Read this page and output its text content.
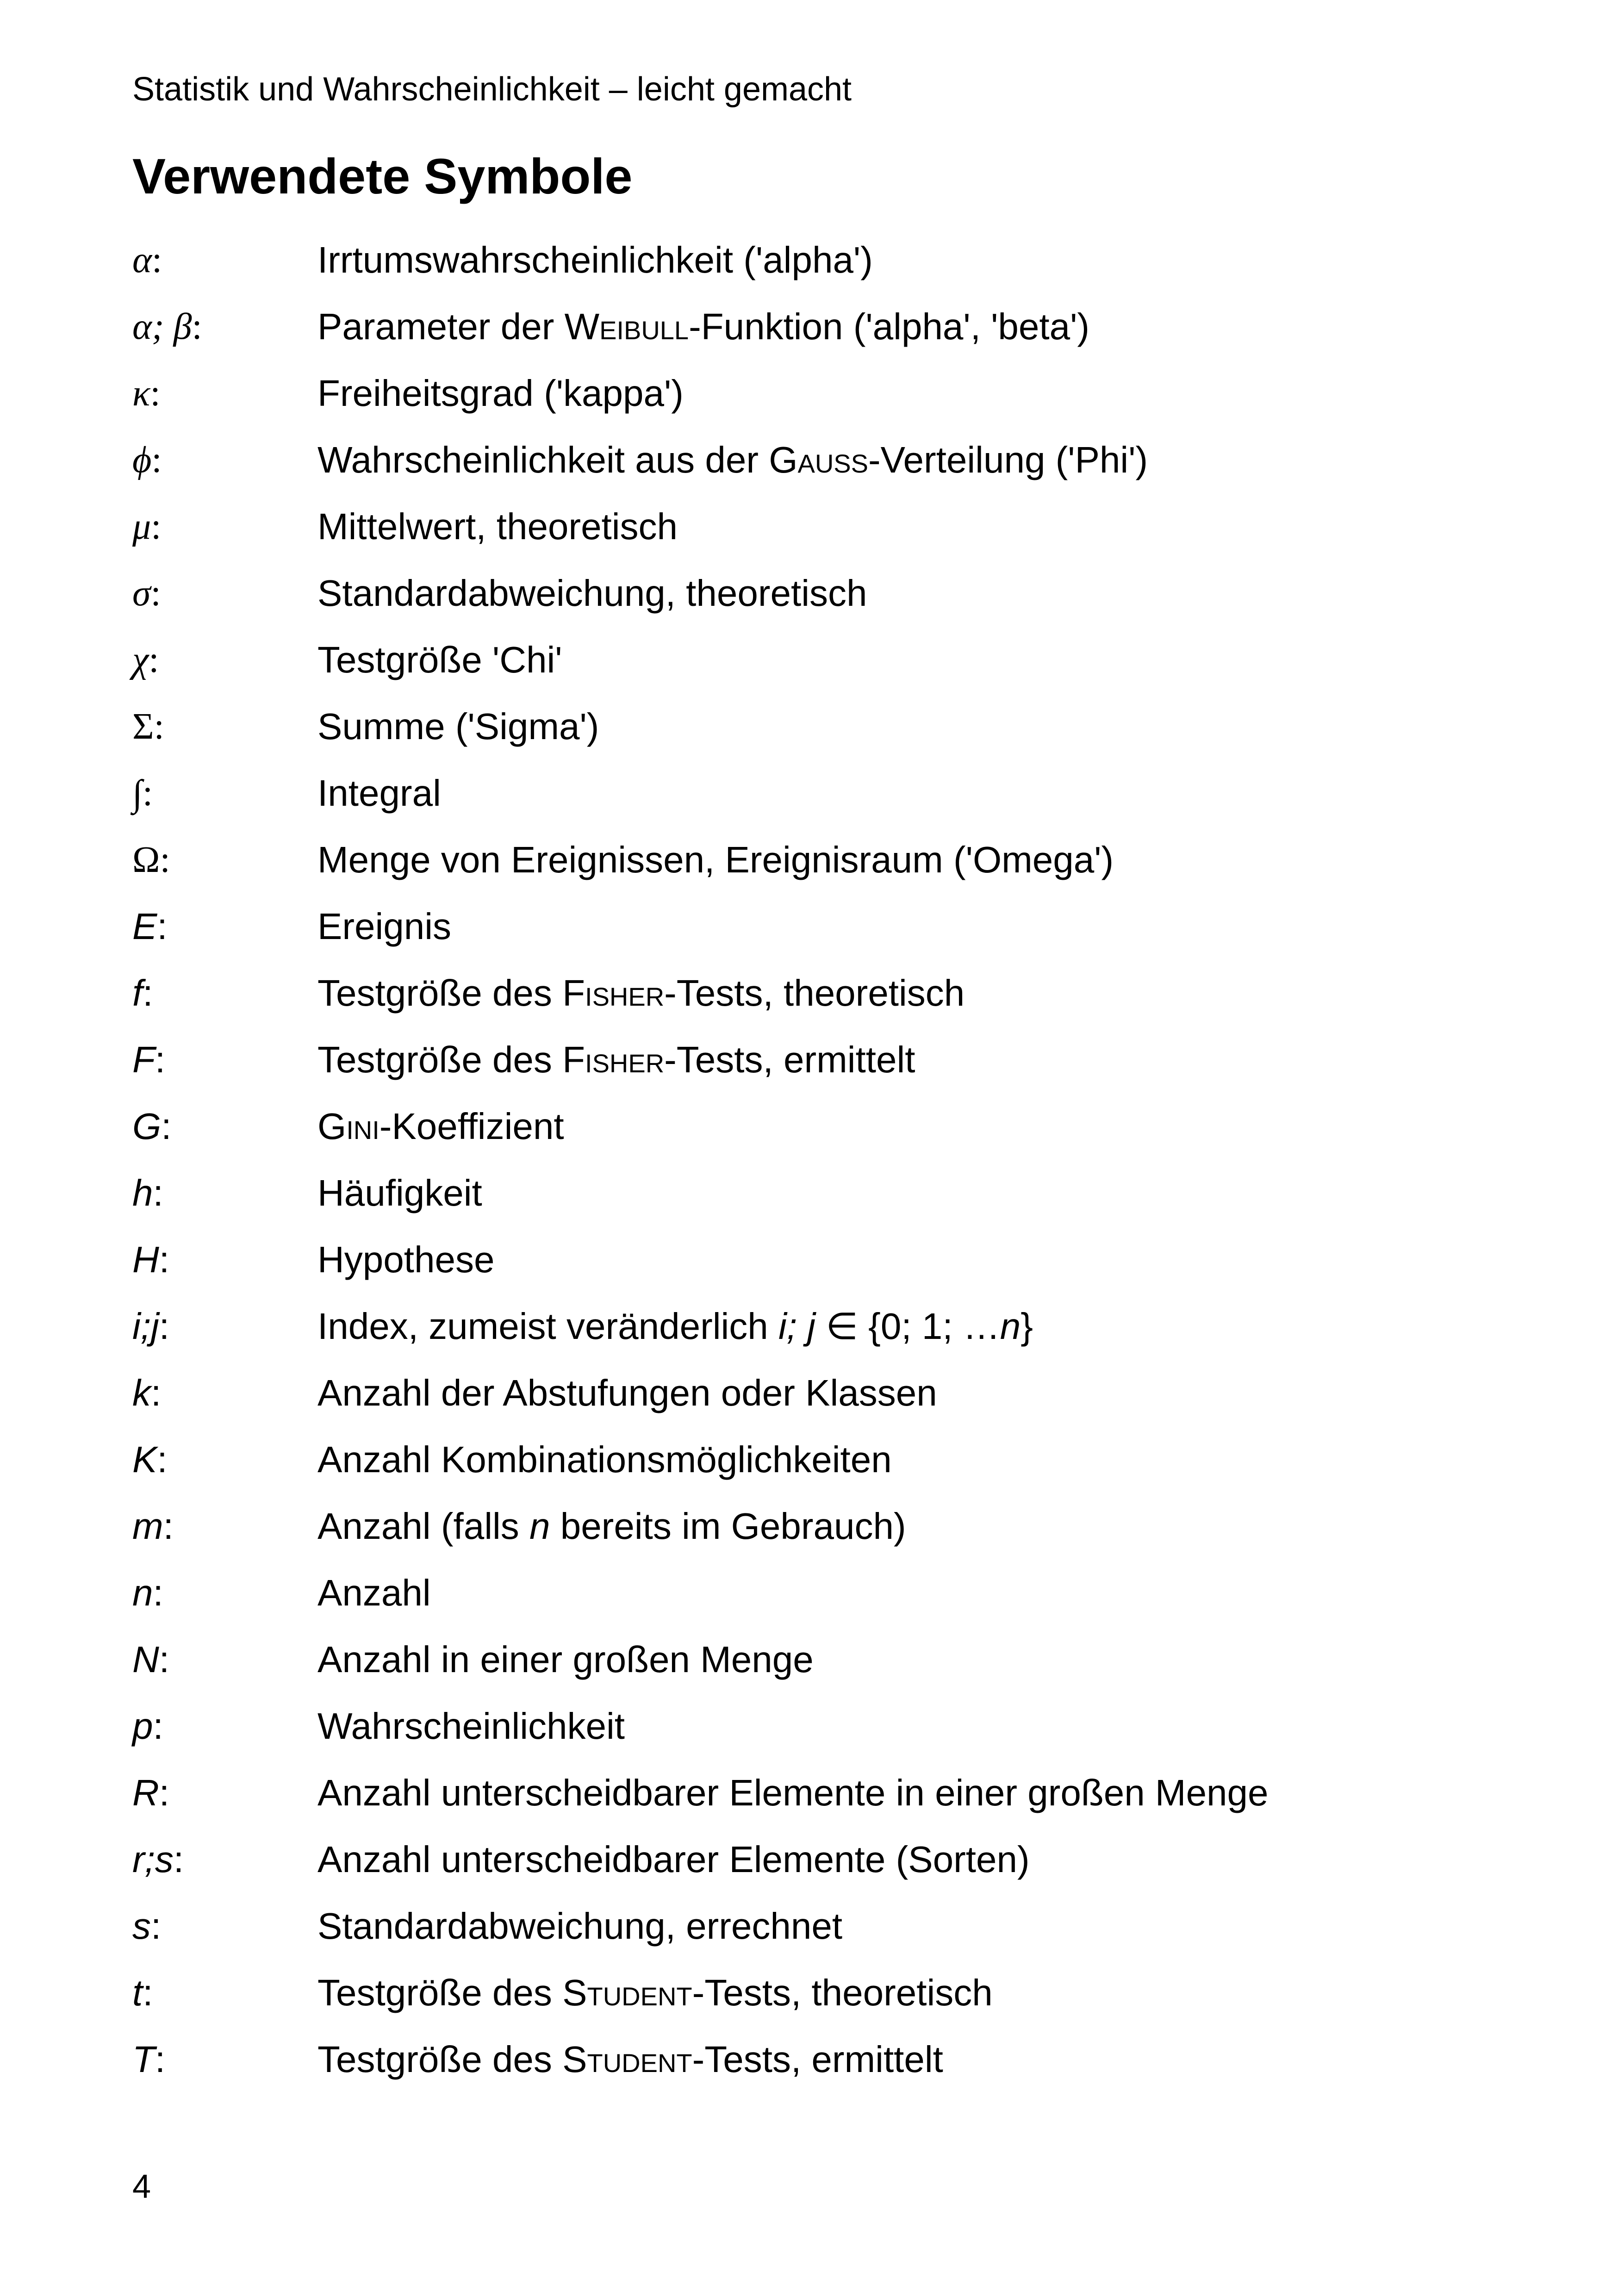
Statistik und Wahrscheinlichkeit – leicht gemacht
Verwendete Symbole
α:	Irrtumswahrscheinlichkeit ('alpha')
α; β:	Parameter der Weibull-Funktion ('alpha', 'beta')
κ:	Freiheitsgrad ('kappa')
ϕ:	Wahrscheinlichkeit aus der Gauss-Verteilung ('Phi')
μ:	Mittelwert, theoretisch
σ:	Standardabweichung, theoretisch
χ:	Testgröße 'Chi'
Σ:	Summe ('Sigma')
∫:	Integral
Ω:	Menge von Ereignissen, Ereignisraum ('Omega')
E:	Ereignis
f:	Testgröße des Fisher-Tests, theoretisch
F:	Testgröße des Fisher-Tests, ermittelt
G:	Gini-Koeffizient
h:	Häufigkeit
H:	Hypothese
i;j:	Index, zumeist veränderlich i; j ∈ {0; 1; …n}
k:	Anzahl der Abstufungen oder Klassen
K:	Anzahl Kombinationsmöglichkeiten
m:	Anzahl (falls n bereits im Gebrauch)
n:	Anzahl
N:	Anzahl in einer großen Menge
p:	Wahrscheinlichkeit
R:	Anzahl unterscheidbarer Elemente in einer großen Menge
r;s:	Anzahl unterscheidbarer Elemente (Sorten)
s:	Standardabweichung, errechnet
t:	Testgröße des Student-Tests, theoretisch
T:	Testgröße des Student-Tests, ermittelt
4
